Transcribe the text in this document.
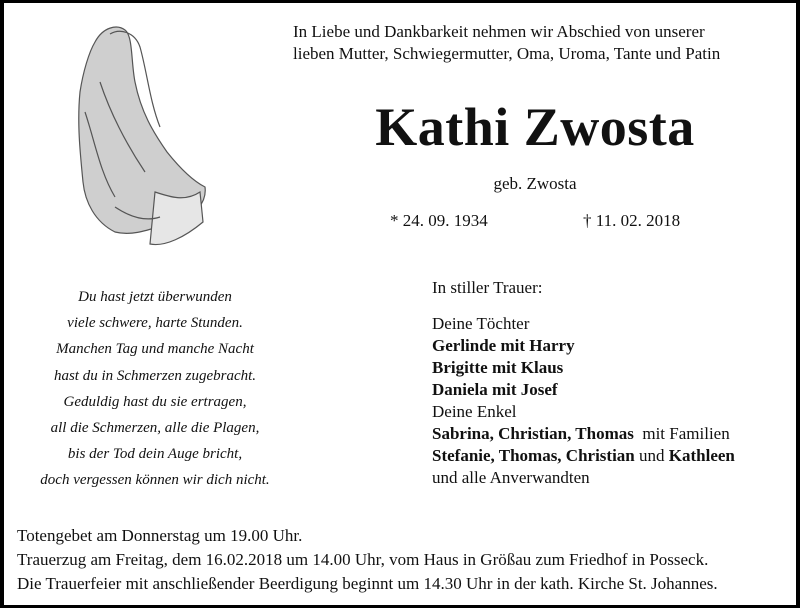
In Liebe und Dankbarkeit nehmen wir Abschied von unserer
lieben Mutter, Schwiegermutter, Oma, Uroma, Tante und Patin
Kathi Zwosta
geb. Zwosta
* 24. 09. 1934	† 11. 02. 2018
Du hast jetzt überwunden
viele schwere, harte Stunden.
Manchen Tag und manche Nacht
hast du in Schmerzen zugebracht.
Geduldig hast du sie ertragen,
all die Schmerzen, alle die Plagen,
bis der Tod dein Auge bricht,
doch vergessen können wir dich nicht.
In stiller Trauer:
Deine Töchter
Gerlinde mit Harry
Brigitte mit Klaus
Daniela mit Josef
Deine Enkel
Sabrina, Christian, Thomas mit Familien
Stefanie, Thomas, Christian und Kathleen
und alle Anverwandten
Totengebet am Donnerstag um 19.00 Uhr.
Trauerzug am Freitag, dem 16.02.2018 um 14.00 Uhr, vom Haus in Größau zum Friedhof in Posseck.
Die Trauerfeier mit anschließender Beerdigung beginnt um 14.30 Uhr in der kath. Kirche St. Johannes.
